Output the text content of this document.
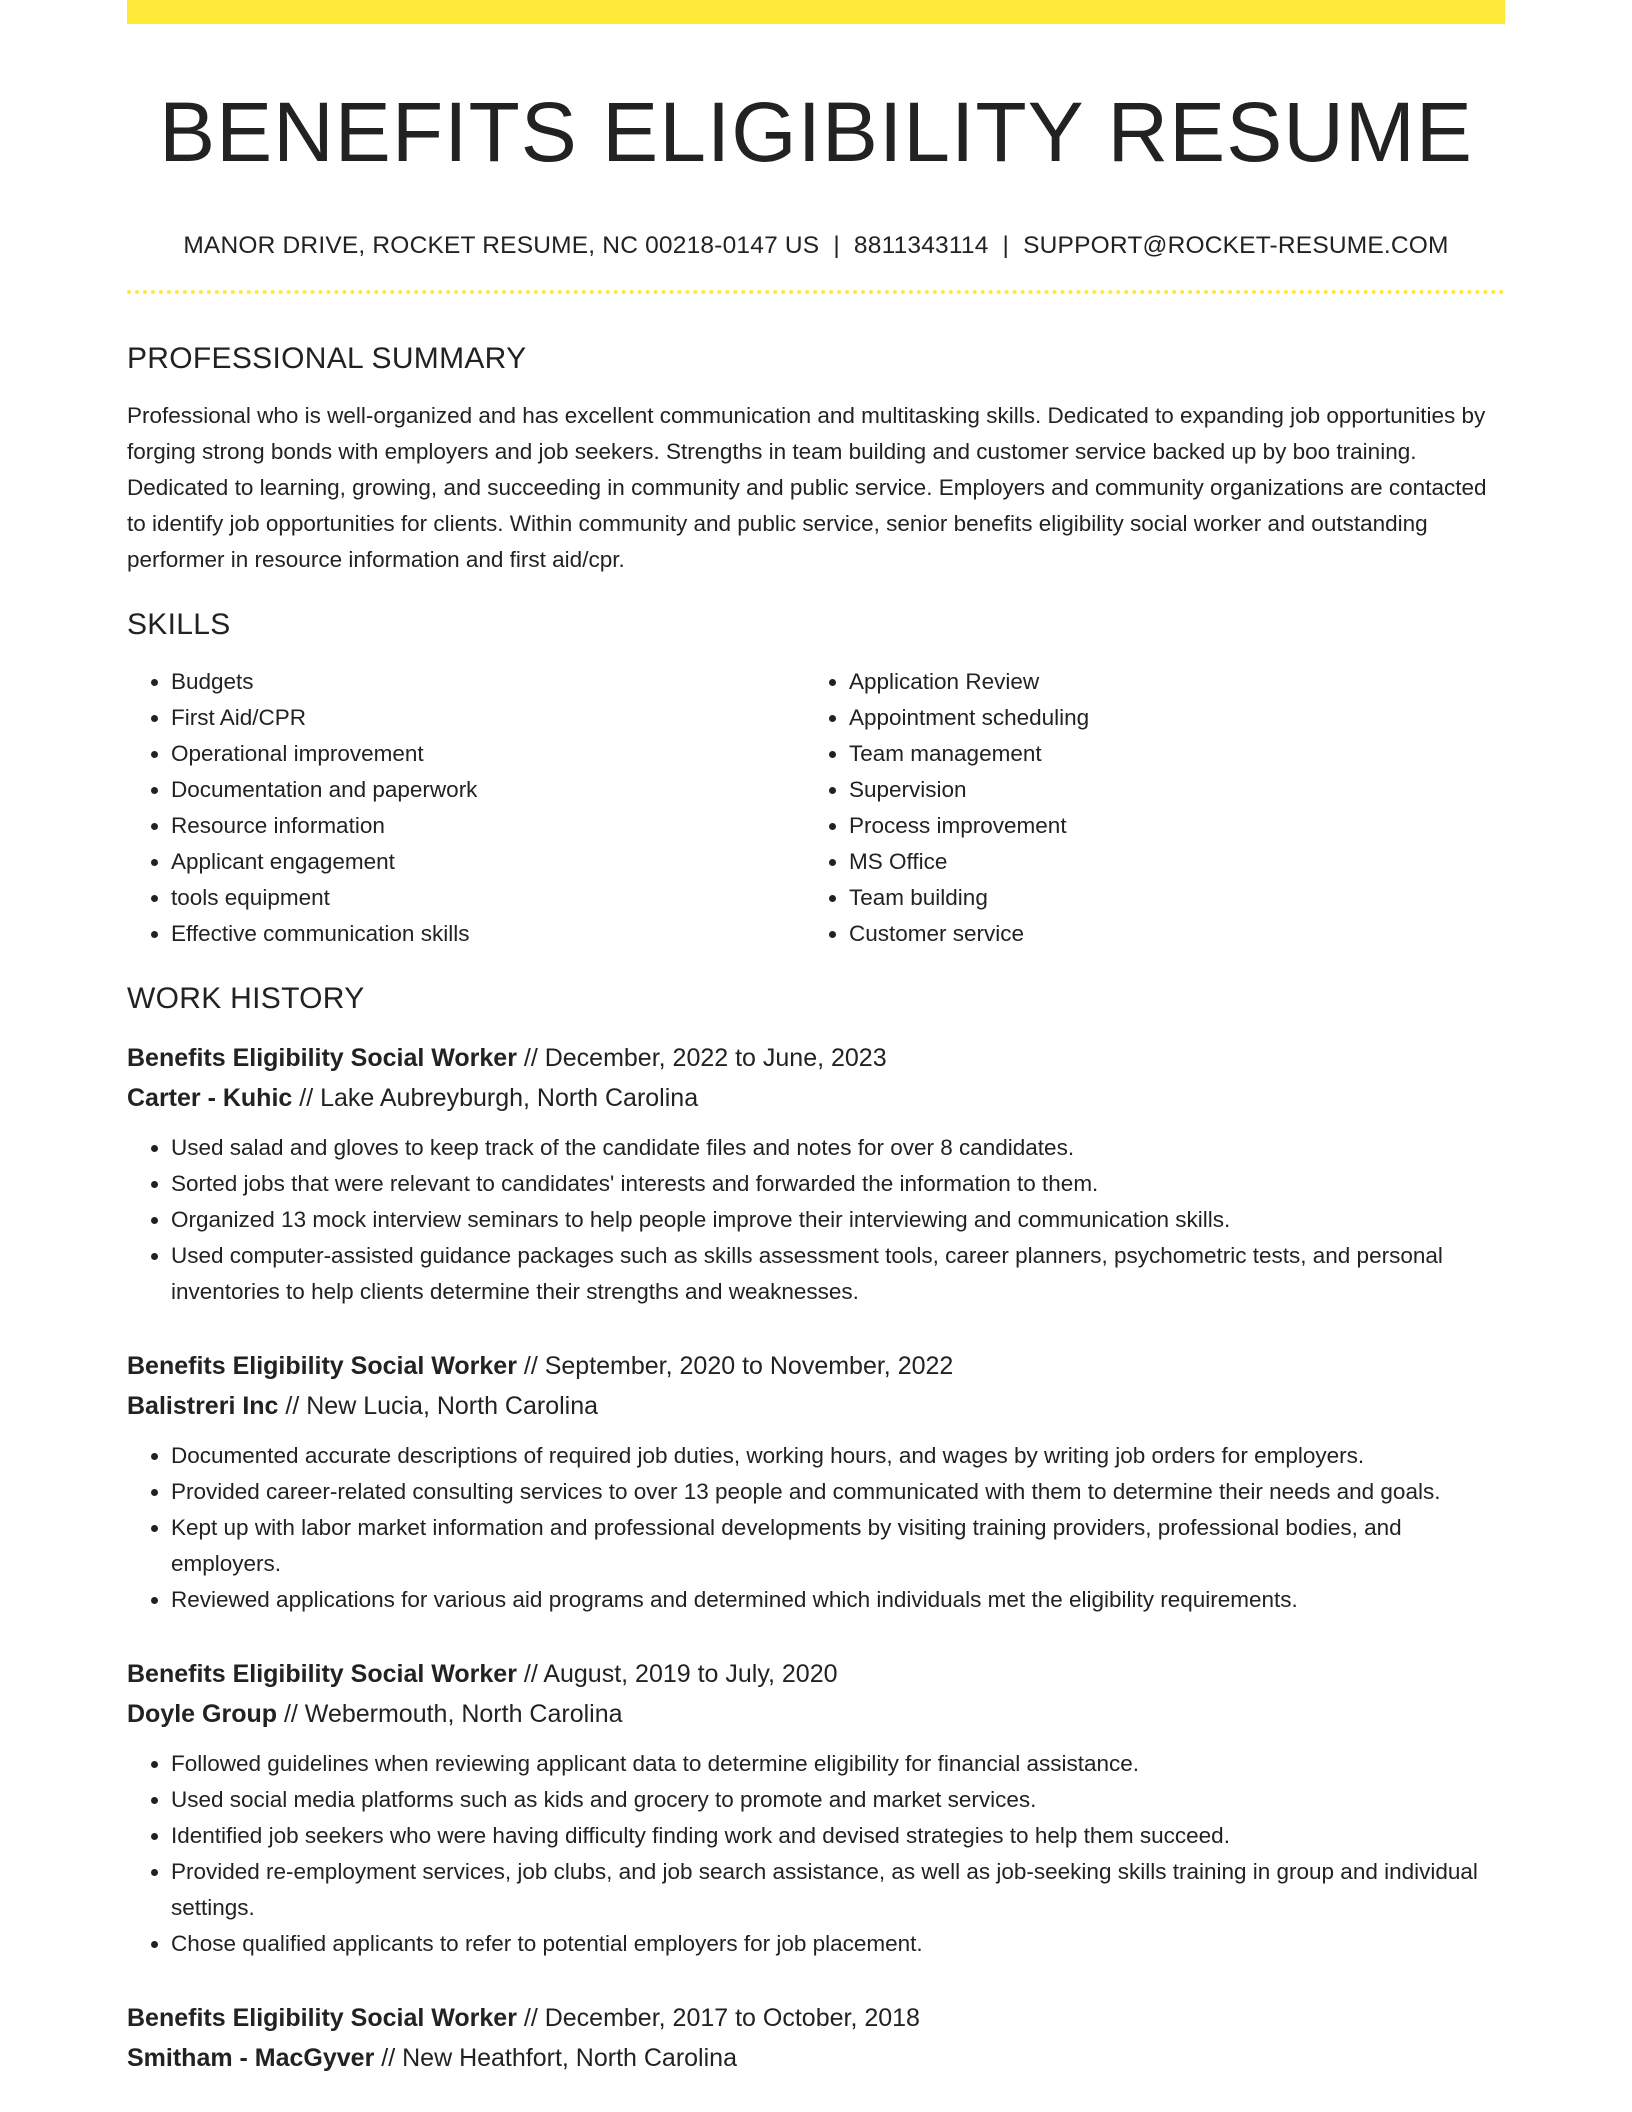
BENEFITS ELIGIBILITY RESUME
MANOR DRIVE, ROCKET RESUME, NC 00218-0147 US | 8811343114 | SUPPORT@ROCKET-RESUME.COM
PROFESSIONAL SUMMARY

Professional who is well-organized and has excellent communication and multitasking skills. Dedicated to expanding job opportunities by forging strong bonds with employers and job seekers. Strengths in team building and customer service backed up by boo training. Dedicated to learning, growing, and succeeding in community and public service. Employers and community organizations are contacted to identify job opportunities for clients. Within community and public service, senior benefits eligibility social worker and outstanding performer in resource information and first aid/cpr.

SKILLS
• Budgets
• First Aid/CPR
• Operational improvement
• Documentation and paperwork
• Resource information
• Applicant engagement
• tools equipment
• Effective communication skills
• Application Review
• Appointment scheduling
• Team management
• Supervision
• Process improvement
• MS Office
• Team building
• Customer service
WORK HISTORY
Benefits Eligibility Social Worker // December, 2022 to June, 2023
Carter - Kuhic // Lake Aubreyburgh, North Carolina
• Used salad and gloves to keep track of the candidate files and notes for over 8 candidates.
• Sorted jobs that were relevant to candidates' interests and forwarded the information to them.
• Organized 13 mock interview seminars to help people improve their interviewing and communication skills.
• Used computer-assisted guidance packages such as skills assessment tools, career planners, psychometric tests, and personal inventories to help clients determine their strengths and weaknesses.
Benefits Eligibility Social Worker // September, 2020 to November, 2022
Balistreri Inc // New Lucia, North Carolina
• Documented accurate descriptions of required job duties, working hours, and wages by writing job orders for employers.
• Provided career-related consulting services to over 13 people and communicated with them to determine their needs and goals.
• Kept up with labor market information and professional developments by visiting training providers, professional bodies, and employers.
• Reviewed applications for various aid programs and determined which individuals met the eligibility requirements.
Benefits Eligibility Social Worker // August, 2019 to July, 2020
Doyle Group // Webermouth, North Carolina
• Followed guidelines when reviewing applicant data to determine eligibility for financial assistance.
• Used social media platforms such as kids and grocery to promote and market services.
• Identified job seekers who were having difficulty finding work and devised strategies to help them succeed.
• Provided re-employment services, job clubs, and job search assistance, as well as job-seeking skills training in group and individual settings.
• Chose qualified applicants to refer to potential employers for job placement.
Benefits Eligibility Social Worker // December, 2017 to October, 2018
Smitham - MacGyver // New Heathfort, North Carolina
